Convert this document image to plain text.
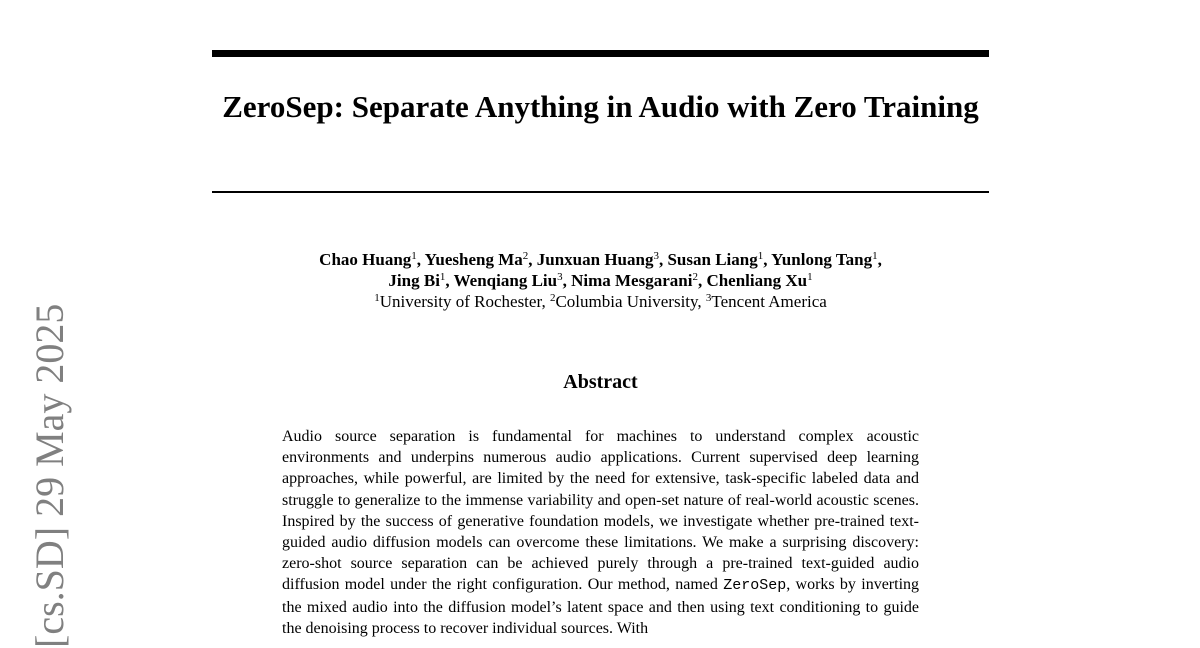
ZeroSep: Separate Anything in Audio with Zero Training
Chao Huang$^1$, Yuesheng Ma$^2$, Junxuan Huang$^3$, Susan Liang$^1$, Yunlong Tang$^1$,
Jing Bi$^1$, Wenqiang Liu$^3$, Nima Mesgarani$^2$, Chenliang Xu$^1$
$^1$University of Rochester, $^2$Columbia University, $^3$Tencent America
Abstract
Audio source separation is fundamental for machines to understand complex acoustic environments and underpins numerous audio applications. Current supervised deep learning approaches, while powerful, are limited by the need for extensive, task-specific labeled data and struggle to generalize to the immense variability and open-set nature of real-world acoustic scenes. Inspired by the success of generative foundation models, we investigate whether pre-trained text-guided audio diffusion models can overcome these limitations. We make a surprising discovery: zero-shot source separation can be achieved purely through a pre-trained text-guided audio diffusion model under the right configuration. Our method, named ZeroSep, works by inverting the mixed audio into the diffusion model’s latent space and then using text conditioning to guide the denoising process to recover individual sources. With
[cs.SD] 29 May 2025
